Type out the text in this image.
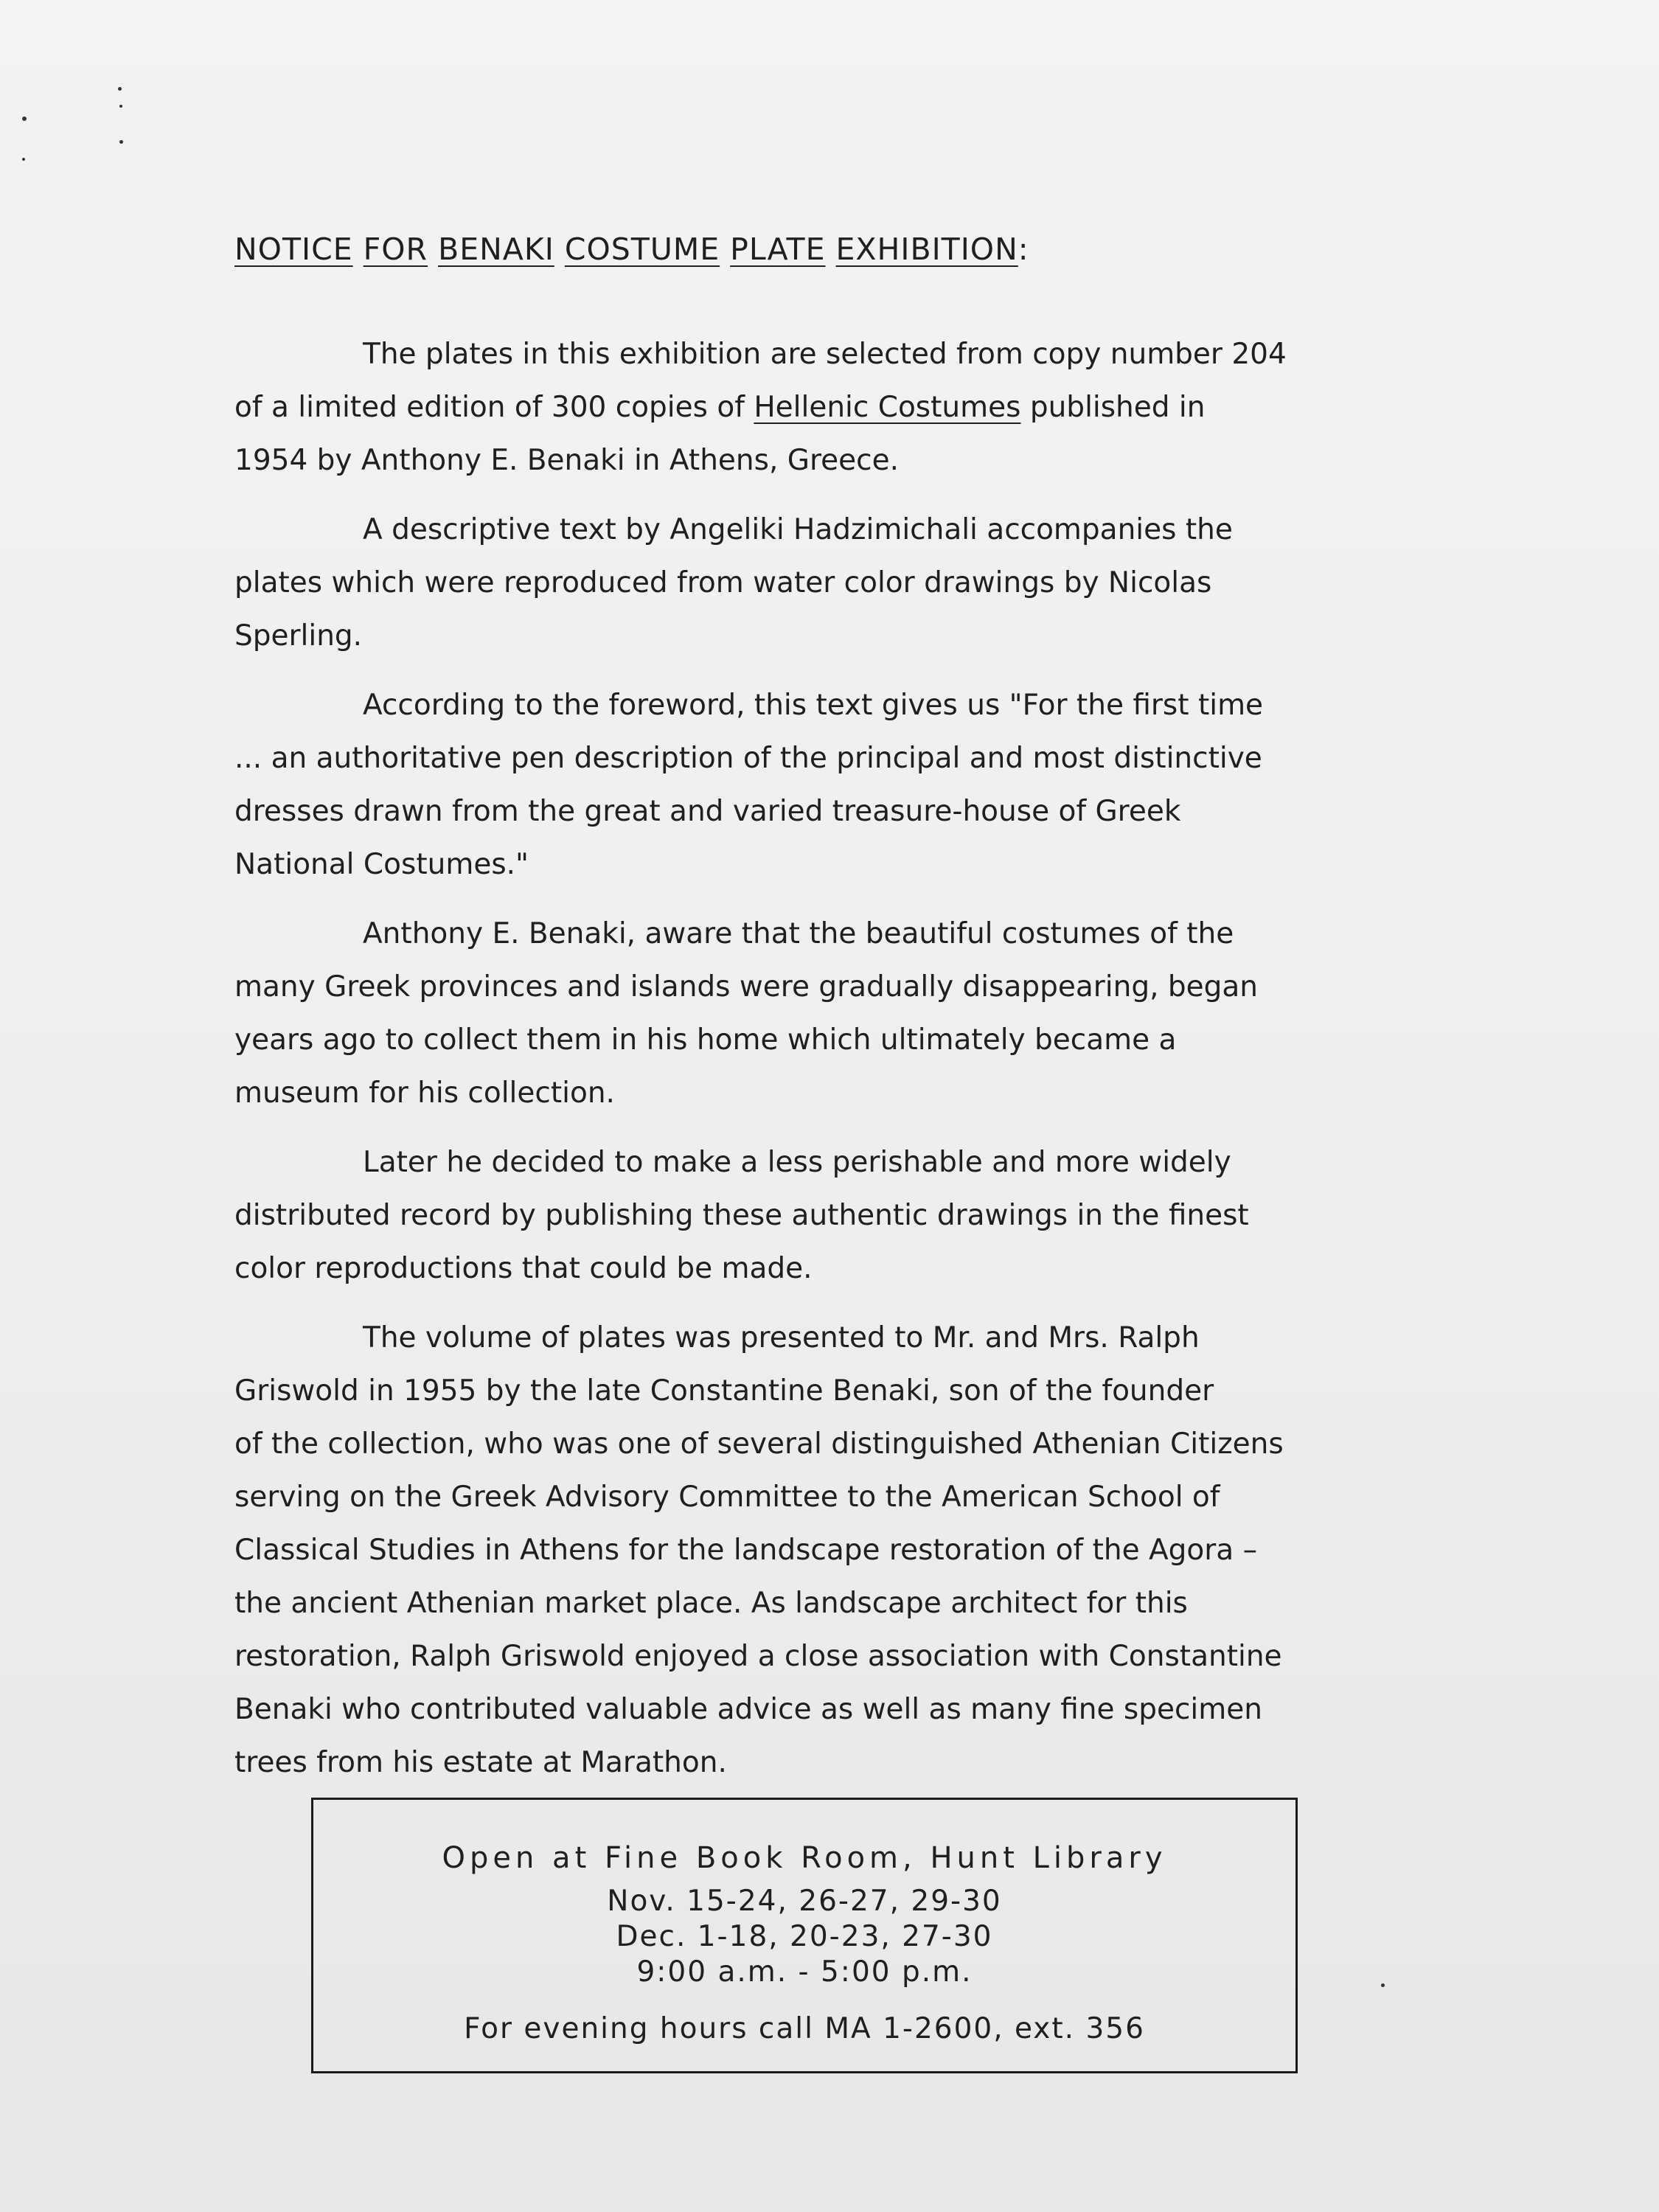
NOTICE FOR BENAKI COSTUME PLATE EXHIBITION:
The plates in this exhibition are selected from copy number 204
of a limited edition of 300 copies of Hellenic Costumes published in
1954 by Anthony E. Benaki in Athens, Greece.
A descriptive text by Angeliki Hadzimichali accompanies the
plates which were reproduced from water color drawings by Nicolas
Sperling.
According to the foreword, this text gives us "For the first time
... an authoritative pen description of the principal and most distinctive
dresses drawn from the great and varied treasure-house of Greek
National Costumes."
Anthony E. Benaki, aware that the beautiful costumes of the
many Greek provinces and islands were gradually disappearing, began
years ago to collect them in his home which ultimately became a
museum for his collection.
Later he decided to make a less perishable and more widely
distributed record by publishing these authentic drawings in the finest
color reproductions that could be made.
The volume of plates was presented to Mr. and Mrs. Ralph
Griswold in 1955 by the late Constantine Benaki, son of the founder
of the collection, who was one of several distinguished Athenian Citizens
serving on the Greek Advisory Committee to the American School of
Classical Studies in Athens for the landscape restoration of the Agora –
the ancient Athenian market place. As landscape architect for this
restoration, Ralph Griswold enjoyed a close association with Constantine
Benaki who contributed valuable advice as well as many fine specimen
trees from his estate at Marathon.
Open at Fine Book Room, Hunt Library
Nov. 15-24, 26-27, 29-30
Dec. 1-18, 20-23, 27-30
9:00 a.m. - 5:00 p.m.
For evening hours call MA 1-2600, ext. 356
